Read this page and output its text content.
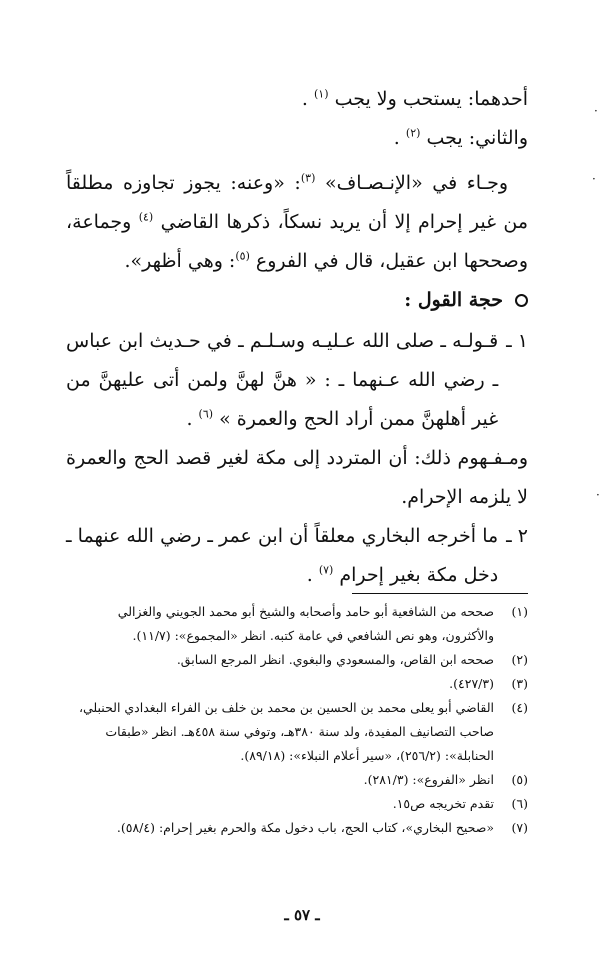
أحدهما: يستحب ولا يجب $^{(١)}$ .

والثاني: يجب $^{(٢)}$ .

وجـاء في «الإنـصـاف» $^{(٣)}$: «وعنه: يجوز تجاوزه مطلقاً من غير إحرام إلا أن يريد نسكاً، ذكرها القاضي $^{(٤)}$ وجماعة، وصححها ابن عقيل، قال في الفروع $^{(٥)}$: وهي أظهر».

حجة القول :

١ ـ
قـولـه ـ صلى الله عـليـه وسـلـم ـ في حـديث ابن عباس ـ رضي الله عـنهما ـ : « هنَّ لهنَّ ولمن أتى عليهنَّ من غير أهلهنَّ ممن أراد الحج والعمرة » $^{(٦)}$ .

ومـفـهوم ذلك: أن المتردد إلى مكة لغير قصد الحج والعمرة لا يلزمه الإحرام.

٢ ـ
ما أخرجه البخاري معلقاً أن ابن عمر ـ رضي الله عنهما ـ دخل مكة بغير إحرام $^{(٧)}$ .
(١)
صححه من الشافعية أبو حامد وأصحابه والشيخ أبو محمد الجويني والغزالي والأكثرون، وهو نص الشافعي في عامة كتبه. انظر «المجموع»: (١١/٧).
(٢)
صححه ابن القاص، والمسعودي والبغوي. انظر المرجع السابق.
(٣)
(٤٢٧/٣).
(٤)
القاضي أبو يعلى محمد بن الحسين بن محمد بن خلف بن الفراء البغدادي الحنبلي، صاحب التصانيف المفيدة، ولد سنة ٣٨٠هـ، وتوفي سنة ٤٥٨هـ. انظر «طبقات الحنابلة»: (٢٥٦/٢)، «سير أعلام النبلاء»: (٨٩/١٨).
(٥)
انظر «الفروع»: (٢٨١/٣).
(٦)
تقدم تخريجه ص١٥.
(٧)
«صحيح البخاري»، كتاب الحج، باب دخول مكة والحرم بغير إحرام: (٥٨/٤).
ـ ٥٧ ـ
·
·
·
